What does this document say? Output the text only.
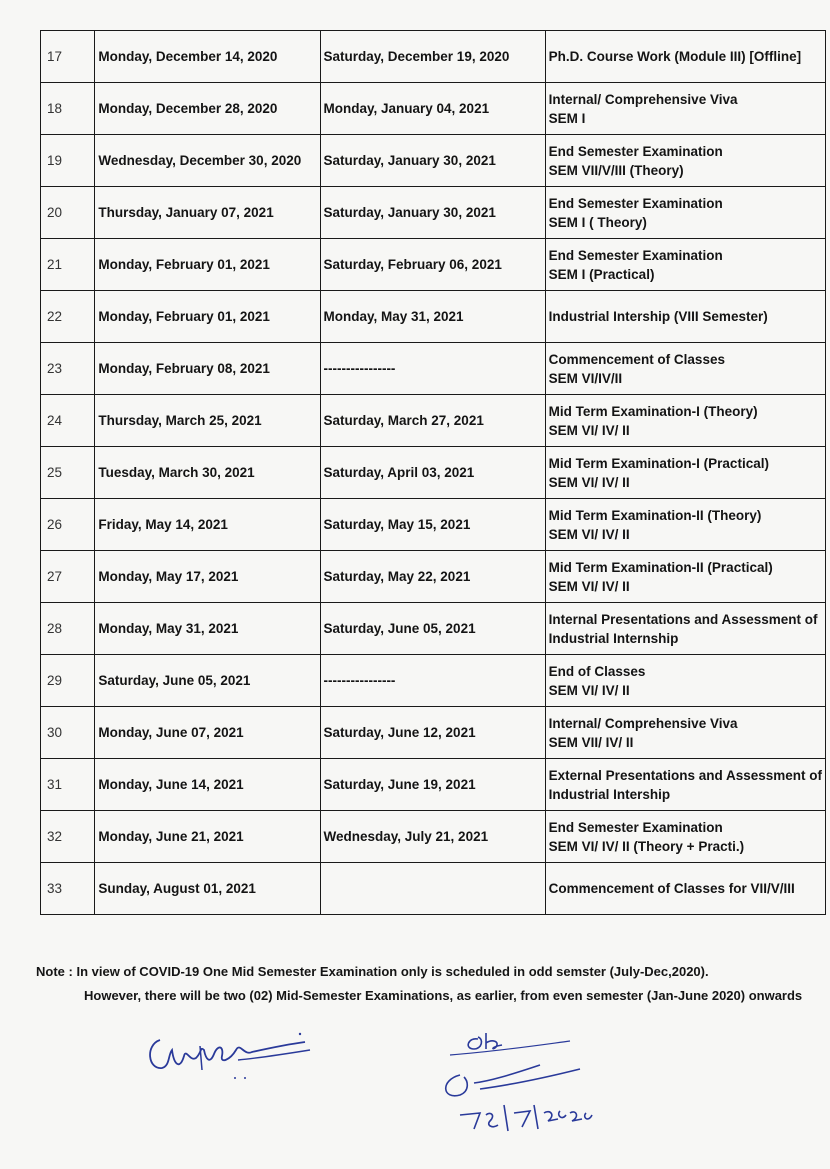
17	Monday, December 14, 2020	Saturday, December 19, 2020	Ph.D. Course Work (Module III) [Offline]

18	Monday, December 28, 2020	Monday, January 04, 2021	Internal/ Comprehensive Viva
SEM I

19	Wednesday, December 30, 2020	Saturday, January 30, 2021	End Semester Examination
SEM VII/V/III (Theory)

20	Thursday, January 07, 2021	Saturday, January 30, 2021	End Semester Examination
SEM I ( Theory)

21	Monday, February 01, 2021	Saturday, February 06, 2021	End Semester Examination
SEM I (Practical)

22	Monday, February 01, 2021	Monday, May 31, 2021	Industrial Intership (VIII Semester)

23	Monday, February 08, 2021	----------------	Commencement of Classes
SEM VI/IV/II

24	Thursday, March 25, 2021	Saturday, March 27, 2021	Mid Term Examination-I (Theory)
SEM VI/ IV/ II

25	Tuesday, March 30, 2021	Saturday, April 03, 2021	Mid Term Examination-I (Practical)
SEM VI/ IV/ II

26	Friday, May 14, 2021	Saturday, May 15, 2021	Mid Term Examination-II (Theory)
SEM VI/ IV/ II

27	Monday, May 17, 2021	Saturday, May 22, 2021	Mid Term Examination-II (Practical)
SEM VI/ IV/ II

28	Monday, May 31, 2021	Saturday, June 05, 2021	Internal Presentations and Assessment of
Industrial Internship

29	Saturday, June 05, 2021	----------------	End of Classes
SEM VI/ IV/ II

30	Monday, June 07, 2021	Saturday, June 12, 2021	Internal/ Comprehensive Viva
SEM VII/ IV/ II

31	Monday, June 14, 2021	Saturday, June 19, 2021	External Presentations and Assessment of
Industrial Intership

32	Monday, June 21, 2021	Wednesday, July 21, 2021	End Semester Examination
SEM VI/ IV/ II (Theory + Practi.)

33	Sunday, August 01, 2021		Commencement of Classes for VII/V/III
Note : In view of COVID-19 One Mid Semester Examination only is scheduled in odd semster (July-Dec,2020).
However, there will be two (02) Mid-Semester Examinations, as earlier, from even semester (Jan-June 2020) onwards
